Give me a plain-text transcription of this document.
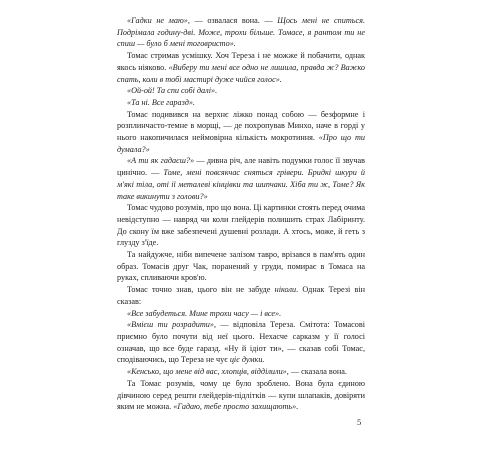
«Гадки не маю», — озвалася вона. — Щось мені не спиться. Подрімала годину-дві. Може, трохи більше. Томасе, я рантом ти не спиш — було б мені тоговристо».

Томас стримав усмішку. Хоч Тереза і не можже й побачити, однак якось ніяково. «Виберу ти мені все одно не лишила, правда ж? Важко спать, коли в тобі мастирі дуже чийся голос».

«Ой-ой! Та спи собі далі».

«Та ні. Все гаразд».

Томас подивився на верхнє ліжко понад собою — безформне і розплинчасто-темне в морщі, — де похропував Минхо, наче в горді у нього накопичилася неймовірна кількість мокротиння. «Про що ти думала?»

«А ти як гадаєш?» — дивна річ, але навіть подумки голос її звучав цинічно. — Томе, мені повсякчас сняться грівери. Бридкі шкури й м'які тіла, оті ії металеві кінцівки та шипчаки. Хіба ти ж, Томе? Як таке викинути з голови?»

Томас чудово розумів, про що вона. Ці картинки стоять перед очима невідступно — навряд чи коли глейдерів полишить страх Лабіринту. До скону їм вже забезпечені душевні розлади. А хтось, може, й геть з глузду з'їде.

Та найдужче, ніби випечене залізом тавро, врізався в пам'ять один образ. Томасів друг Чак, поранений у груди, помирає в Томаса на руках, спливаючи кров'ю.

Томас точно знав, цього він не забуде ніколи. Однак Терезі він сказав:

«Все забудеться. Мине трохи часу — і все».

«Вмієш ти розрадити», — відповіла Тереза. Смітота: Томасові приємно було почути від неї цього. Нехасче сарказм у її голосі означав, що все буде гаразд. «Ну й ідіот ти», — сказав собі Томас, сподіваючись, що Тереза не чує ціє думки.

«Кенсько, що мене від вас, хлопців, відділили», — сказала вона.

Та Томас розумів, чому це було зроблено. Вона була єдиною дівчиною серед решти глейдерів-підлітків — купи шлапаків, довіряти яким не можна. «Гадаю, тебе просто захищають».

5
